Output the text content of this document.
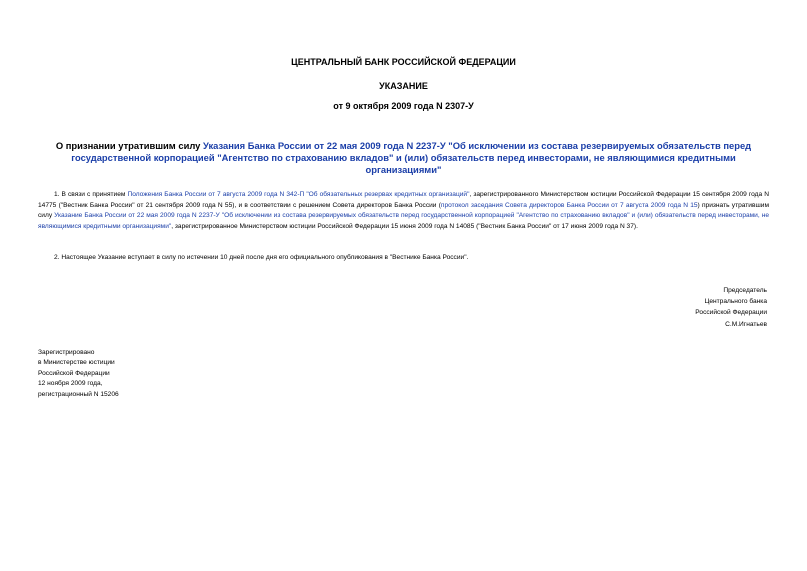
ЦЕНТРАЛЬНЫЙ БАНК РОССИЙСКОЙ ФЕДЕРАЦИИ
УКАЗАНИЕ
от 9 октября 2009 года N 2307-У
О признании утратившим силу Указания Банка России от 22 мая 2009 года N 2237-У "Об исключении из состава резервируемых обязательств перед государственной корпорацией "Агентство по страхованию вкладов" и (или) обязательств перед инвесторами, не являющимися кредитными организациями"
1. В связи с принятием Положения Банка России от 7 августа 2009 года N 342-П "Об обязательных резервах кредитных организаций", зарегистрированного Министерством юстиции Российской Федерации 15 сентября 2009 года N 14775 ("Вестник Банка России" от 21 сентября 2009 года N 55), и в соответствии с решением Совета директоров Банка России (протокол заседания Совета директоров Банка России от 7 августа 2009 года N 15) признать утратившим силу Указание Банка России от 22 мая 2009 года N 2237-У "Об исключении из состава резервируемых обязательств перед государственной корпорацией "Агентство по страхованию вкладов" и (или) обязательств перед инвесторами, не являющимися кредитными организациями", зарегистрированное Министерством юстиции Российской Федерации 15 июня 2009 года N 14085 ("Вестник Банка России" от 17 июня 2009 года N 37).
2. Настоящее Указание вступает в силу по истечении 10 дней после дня его официального опубликования в "Вестнике Банка России".
Председатель
Центрального банка
Российской Федерации
С.М.Игнатьев
Зарегистрировано
в Министерстве юстиции
Российской Федерации
12 ноября 2009 года,
регистрационный N 15206
